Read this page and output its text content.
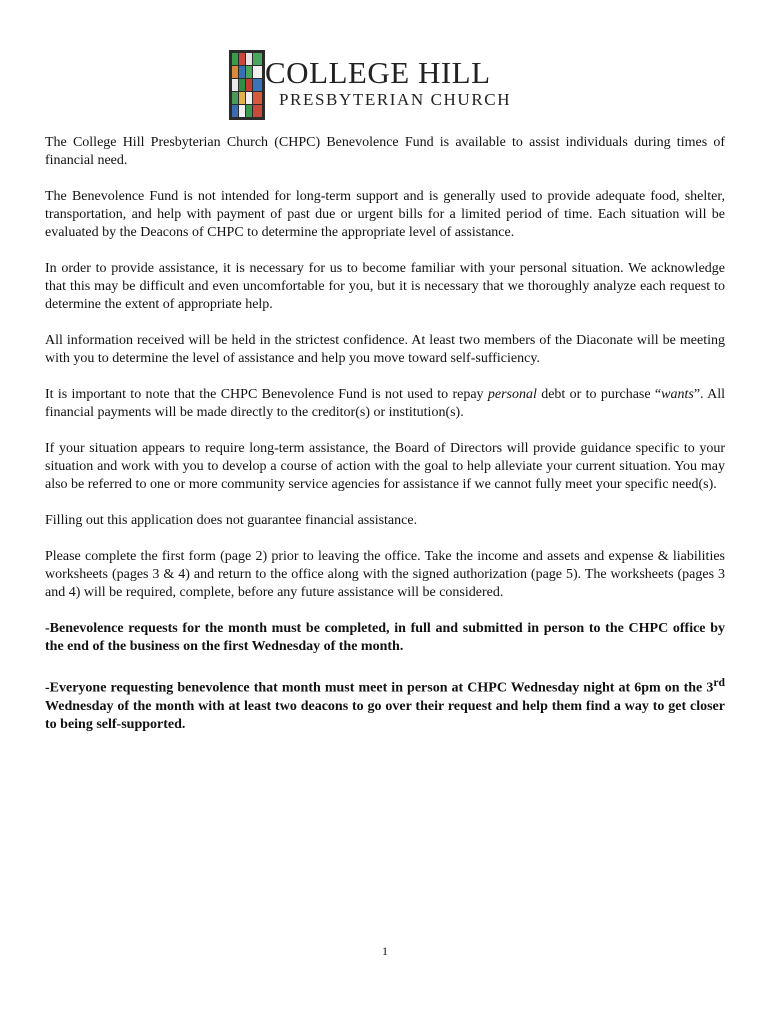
COLLEGE HILL
PRESBYTERIAN CHURCH

The College Hill Presbyterian Church (CHPC) Benevolence Fund is available to assist individuals during times of financial need.

The Benevolence Fund is not intended for long-term support and is generally used to provide adequate food, shelter, transportation, and help with payment of past due or urgent bills for a limited period of time. Each situation will be evaluated by the Deacons of CHPC to determine the appropriate level of assistance.

In order to provide assistance, it is necessary for us to become familiar with your personal situation. We acknowledge that this may be difficult and even uncomfortable for you, but it is necessary that we thoroughly analyze each request to determine the extent of appropriate help.

All information received will be held in the strictest confidence. At least two members of the Diaconate will be meeting with you to determine the level of assistance and help you move toward self-sufficiency.

It is important to note that the CHPC Benevolence Fund is not used to repay personal debt or to purchase “wants”. All financial payments will be made directly to the creditor(s) or institution(s).

If your situation appears to require long-term assistance, the Board of Directors will provide guidance specific to your situation and work with you to develop a course of action with the goal to help alleviate your current situation. You may also be referred to one or more community service agencies for assistance if we cannot fully meet your specific need(s).

Filling out this application does not guarantee financial assistance.

Please complete the first form (page 2) prior to leaving the office. Take the income and assets and expense & liabilities worksheets (pages 3 & 4) and return to the office along with the signed authorization (page 5). The worksheets (pages 3 and 4) will be required, complete, before any future assistance will be considered.

-Benevolence requests for the month must be completed, in full and submitted in person to the CHPC office by the end of the business on the first Wednesday of the month.

-Everyone requesting benevolence that month must meet in person at CHPC Wednesday night at 6pm on the 3rd Wednesday of the month with at least two deacons to go over their request and help them find a way to get closer to being self-supported.

1
